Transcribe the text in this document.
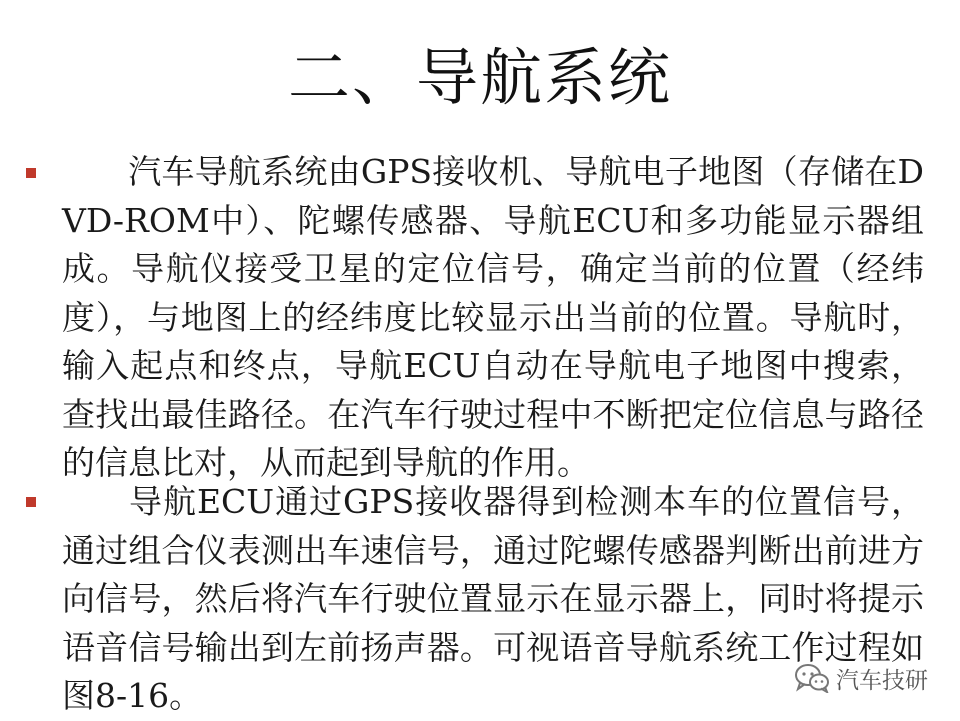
二、导航系统

汽车导航系统由GPS接收机、导航电子地图（存储在DVD-ROM中）、陀螺传感器、导航ECU和多功能显示器组成。导航仪接受卫星的定位信号，确定当前的位置（经纬度），与地图上的经纬度比较显示出当前的位置。导航时，输入起点和终点，导航ECU自动在导航电子地图中搜索，查找出最佳路径。在汽车行驶过程中不断把定位信息与路径的信息比对，从而起到导航的作用。

导航ECU通过GPS接收器得到检测本车的位置信号，通过组合仪表测出车速信号，通过陀螺传感器判断出前进方向信号，然后将汽车行驶位置显示在显示器上，同时将提示语音信号输出到左前扬声器。可视语音导航系统工作过程如图8-16。	汽车技研
